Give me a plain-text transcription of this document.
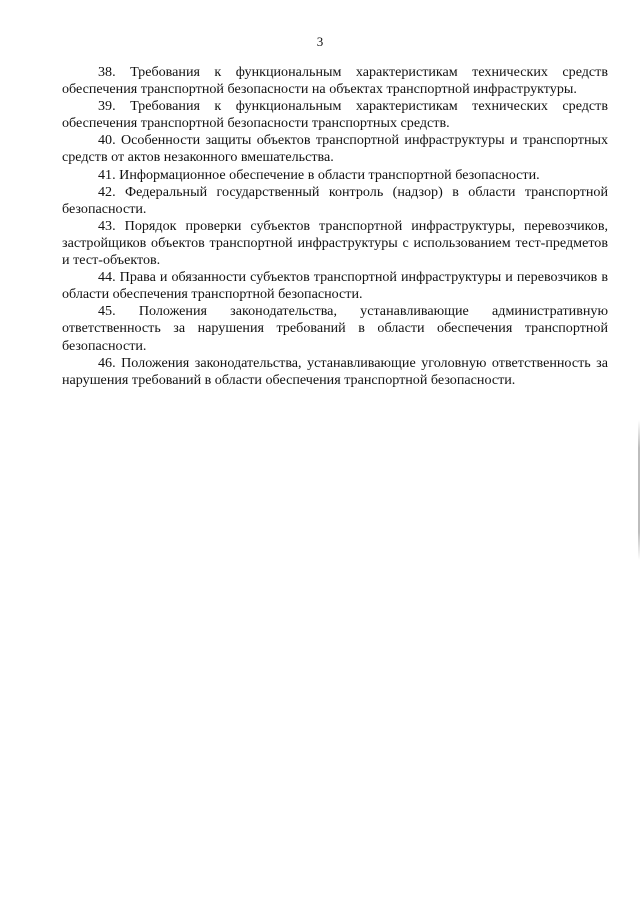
3

38. Требования к функциональным характеристикам технических средств обеспечения транспортной безопасности на объектах транспортной инфраструктуры.

39. Требования к функциональным характеристикам технических средств обеспечения транспортной безопасности транспортных средств.

40. Особенности защиты объектов транспортной инфраструктуры и транспортных средств от актов незаконного вмешательства.

41. Информационное обеспечение в области транспортной безопасности.

42. Федеральный государственный контроль (надзор) в области транспортной безопасности.

43. Порядок проверки субъектов транспортной инфраструктуры, перевозчиков, застройщиков объектов транспортной инфраструктуры с использованием тест-предметов и тест-объектов.

44. Права и обязанности субъектов транспортной инфраструктуры и перевозчиков в области обеспечения транспортной безопасности.

45. Положения законодательства, устанавливающие административную ответственность за нарушения требований в области обеспечения транспортной безопасности.

46. Положения законодательства, устанавливающие уголовную ответственность за нарушения требований в области обеспечения транспортной безопасности.
